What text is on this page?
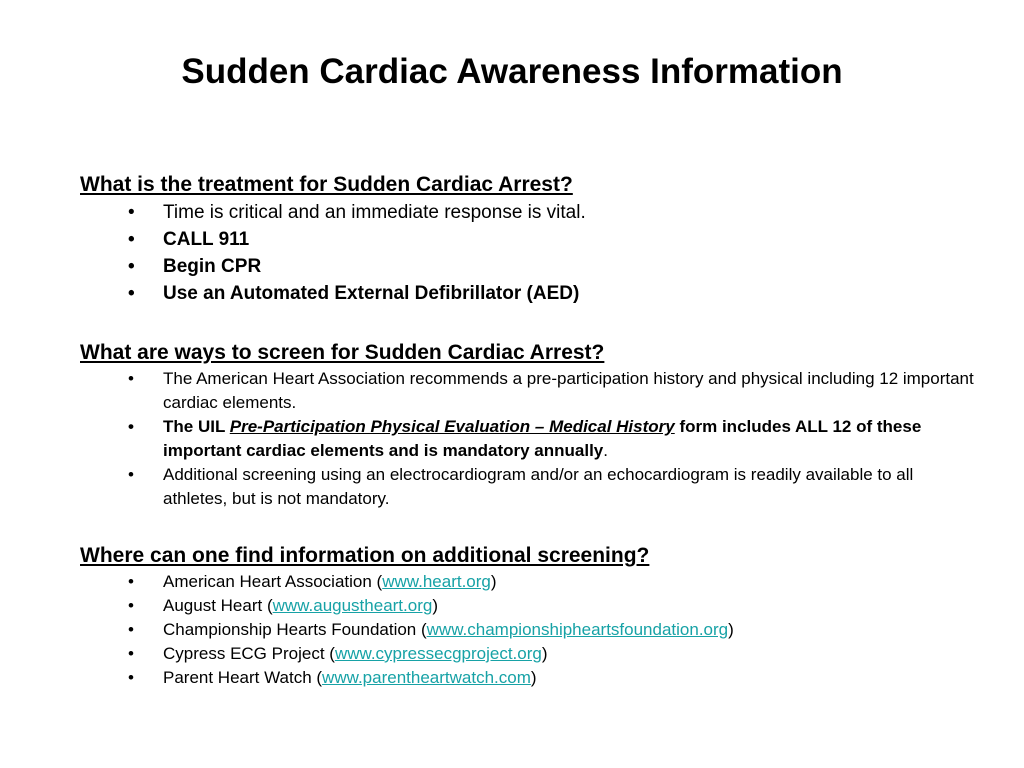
Sudden Cardiac Awareness Information

What is the treatment for Sudden Cardiac Arrest?

• Time is critical and an immediate response is vital.
• CALL 911
• Begin CPR
• Use an Automated External Defibrillator (AED)

What are ways to screen for Sudden Cardiac Arrest?

• The American Heart Association recommends a pre-participation history and physical including 12 important cardiac elements.
• The UIL Pre-Participation Physical Evaluation – Medical History form includes ALL 12 of these important cardiac elements and is mandatory annually.
• Additional screening using an electrocardiogram and/or an echocardiogram is readily available to all athletes, but is not mandatory.

Where can one find information on additional screening?

• American Heart Association (www.heart.org)
• August Heart (www.augustheart.org)
• Championship Hearts Foundation (www.championshipheartsfoundation.org)
• Cypress ECG Project (www.cypressecgproject.org)
• Parent Heart Watch (www.parentheartwatch.com)
